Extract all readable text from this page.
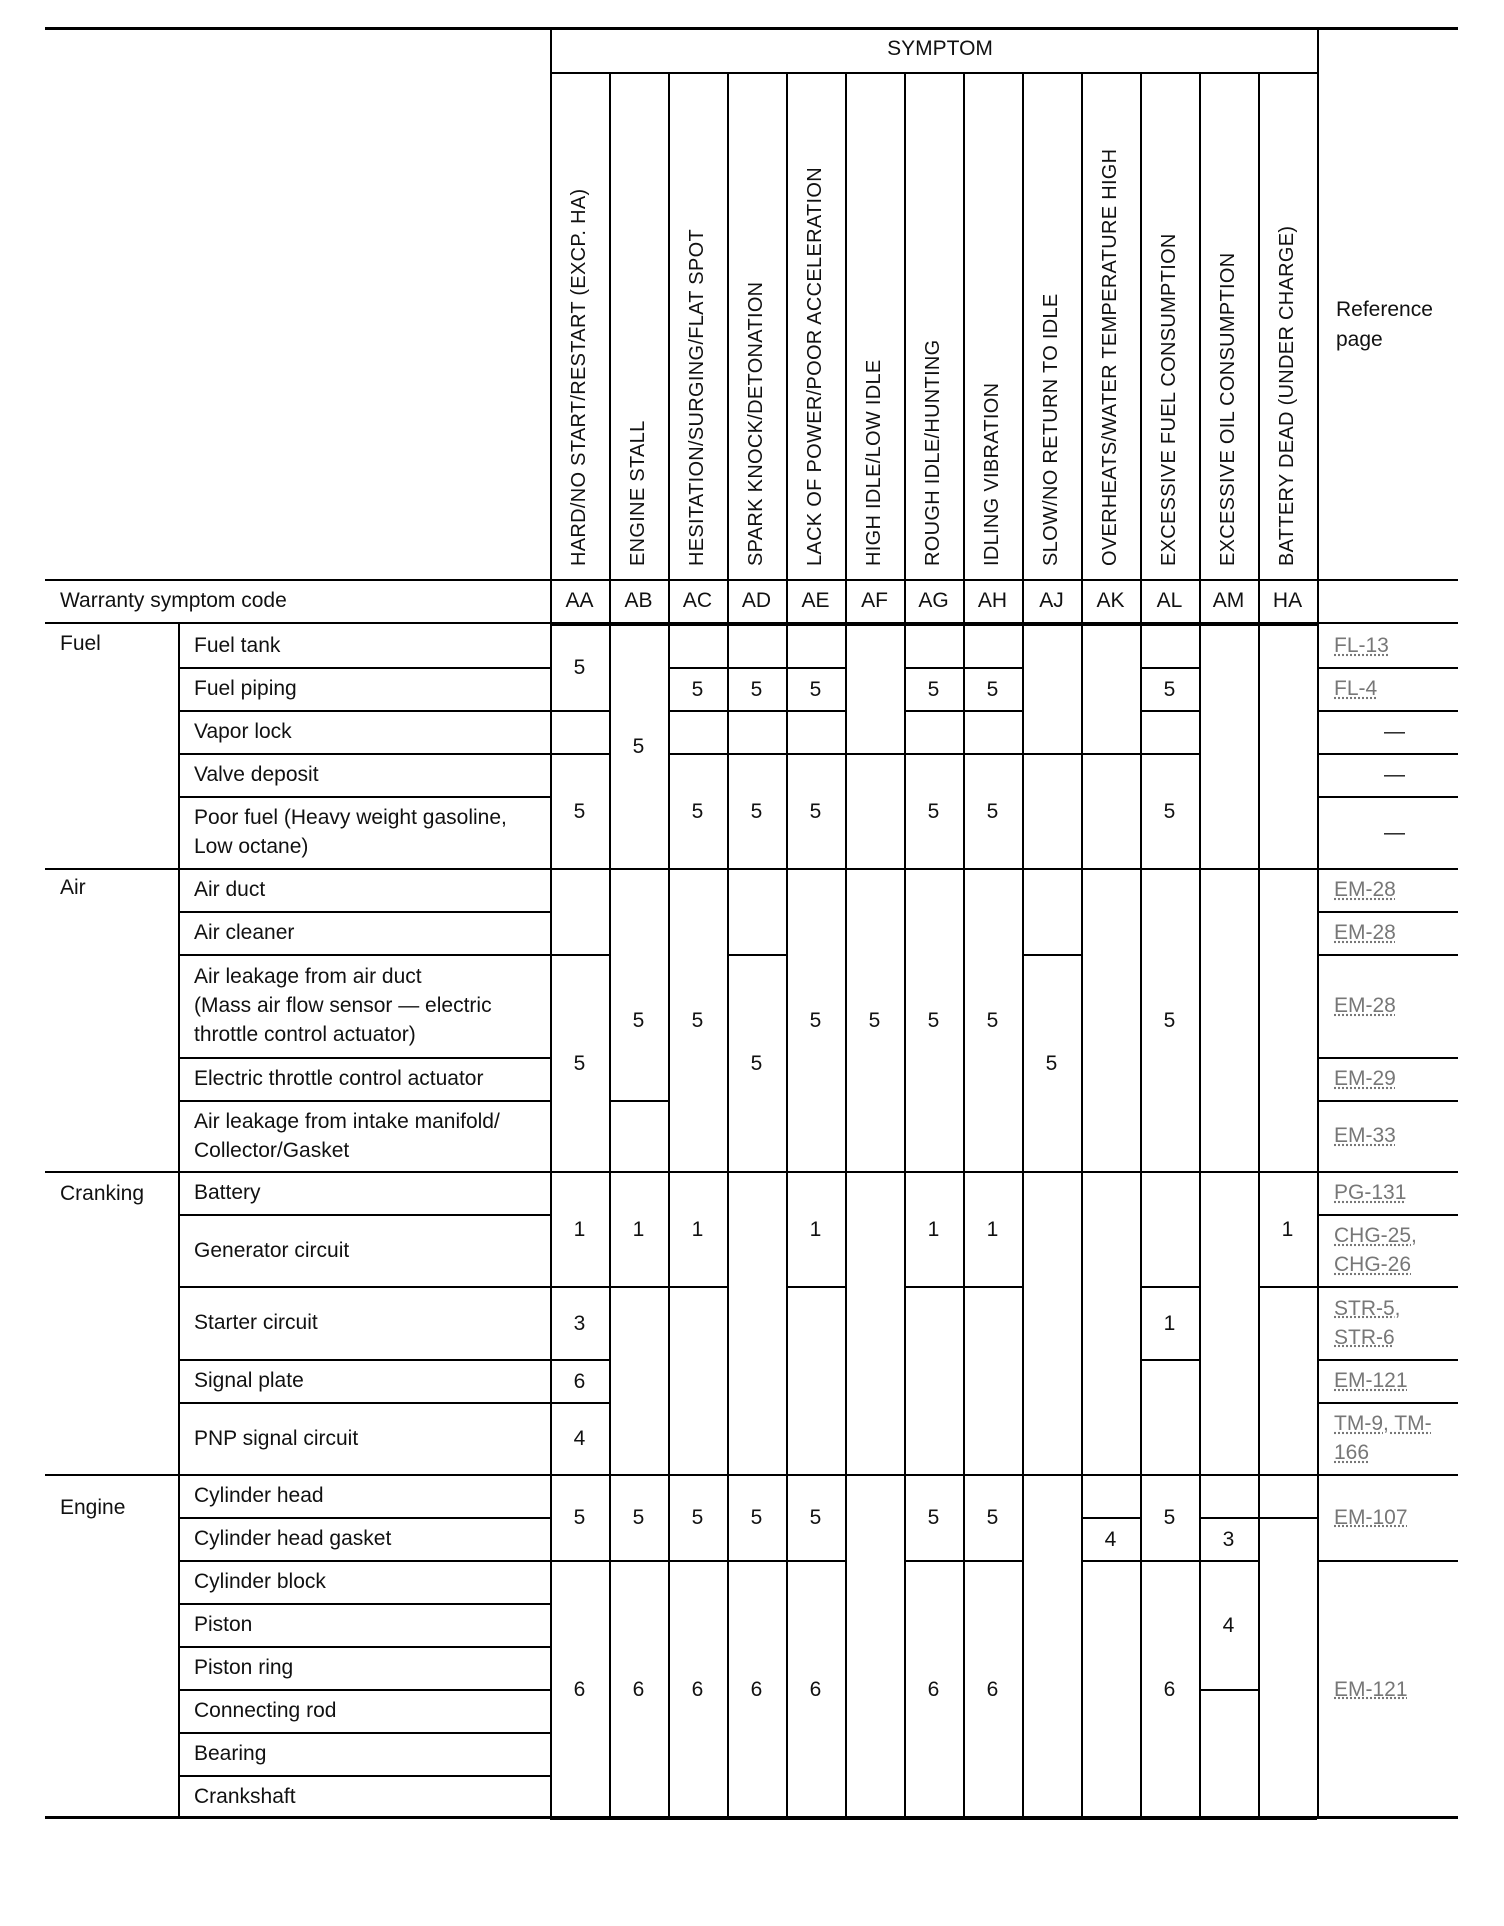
SYMPTOM
Reference
page
Warranty symptom code
Fuel
Air
Cranking
Engine
HARD/NO START/RESTART (EXCP. HA)
AA
ENGINE STALL
AB
HESITATION/SURGING/FLAT SPOT
AC
SPARK KNOCK/DETONATION
AD
LACK OF POWER/POOR ACCELERATION
AE
HIGH IDLE/LOW IDLE
AF
ROUGH IDLE/HUNTING
AG
IDLING VIBRATION
AH
SLOW/NO RETURN TO IDLE
AJ
OVERHEATS/WATER TEMPERATURE HIGH
AK
EXCESSIVE FUEL CONSUMPTION
AL
EXCESSIVE OIL CONSUMPTION
AM
BATTERY DEAD (UNDER CHARGE)
HA
Fuel tank
Fuel piping
Vapor lock
Valve deposit
Poor fuel (Heavy weight gasoline,
Low octane)
Air duct
Air cleaner
Air leakage from air duct
(Mass air flow sensor — electric
throttle control actuator)
Electric throttle control actuator
Air leakage from intake manifold/
Collector/Gasket
Battery
Generator circuit
Starter circuit
Signal plate
PNP signal circuit
Cylinder head
Cylinder head gasket
Cylinder block
Piston
Piston ring
Connecting rod
Bearing
Crankshaft
FL-13
FL-4
—
—
—
EM-28
EM-28
EM-28
EM-29
EM-33
PG-131
CHG-25,
CHG-26
STR-5,
STR-6
EM-121
TM-9, TM-
166
EM-107
EM-121
5
5
5
1
3
6
4
5
6
5
5
1
5
6
5
5
5
1
5
6
5
5
5
5
6
5
5
5
1
5
6
5
5
5
5
1
5
6
5
5
5
1
5
6
5
4
5
5
5
1
5
6
3
4
1
